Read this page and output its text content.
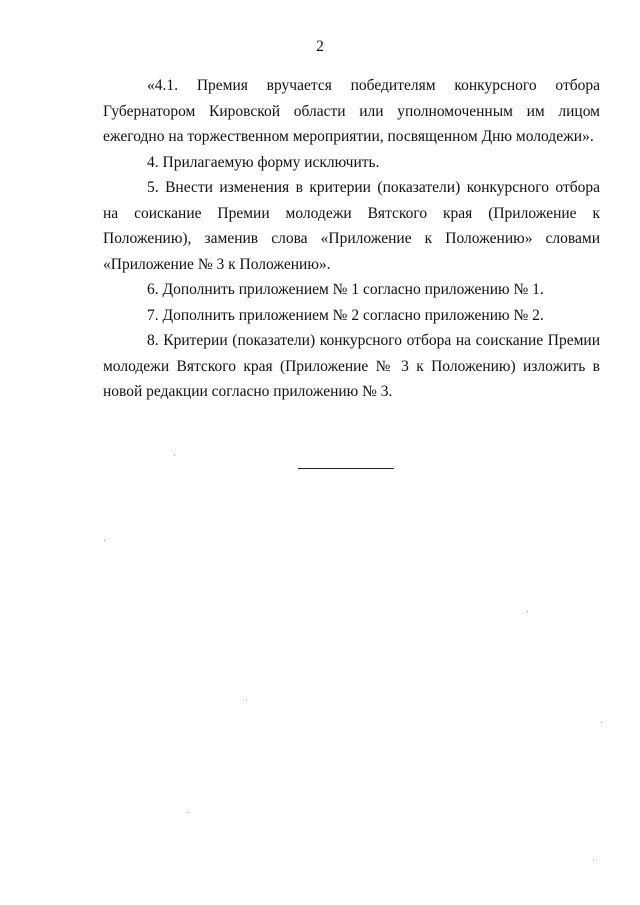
2

«4.1. Премия вручается победителям конкурсного отбора Губернатором Кировской области или уполномоченным им лицом ежегодно на торжественном мероприятии, посвященном Дню молодежи».

4. Прилагаемую форму исключить.

5. Внести изменения в критерии (показатели) конкурсного отбора на соискание Премии молодежи Вятского края (Приложение к Положению), заменив слова «Приложение к Положению» словами «Приложение № 3 к Положению».

6. Дополнить приложением № 1 согласно приложению № 1.

7. Дополнить приложением № 2 согласно приложению № 2.

8. Критерии (показатели) конкурсного отбора на соискание Премии молодежи Вятского края (Приложение № 3 к Положению) изложить в новой редакции согласно приложению № 3.
